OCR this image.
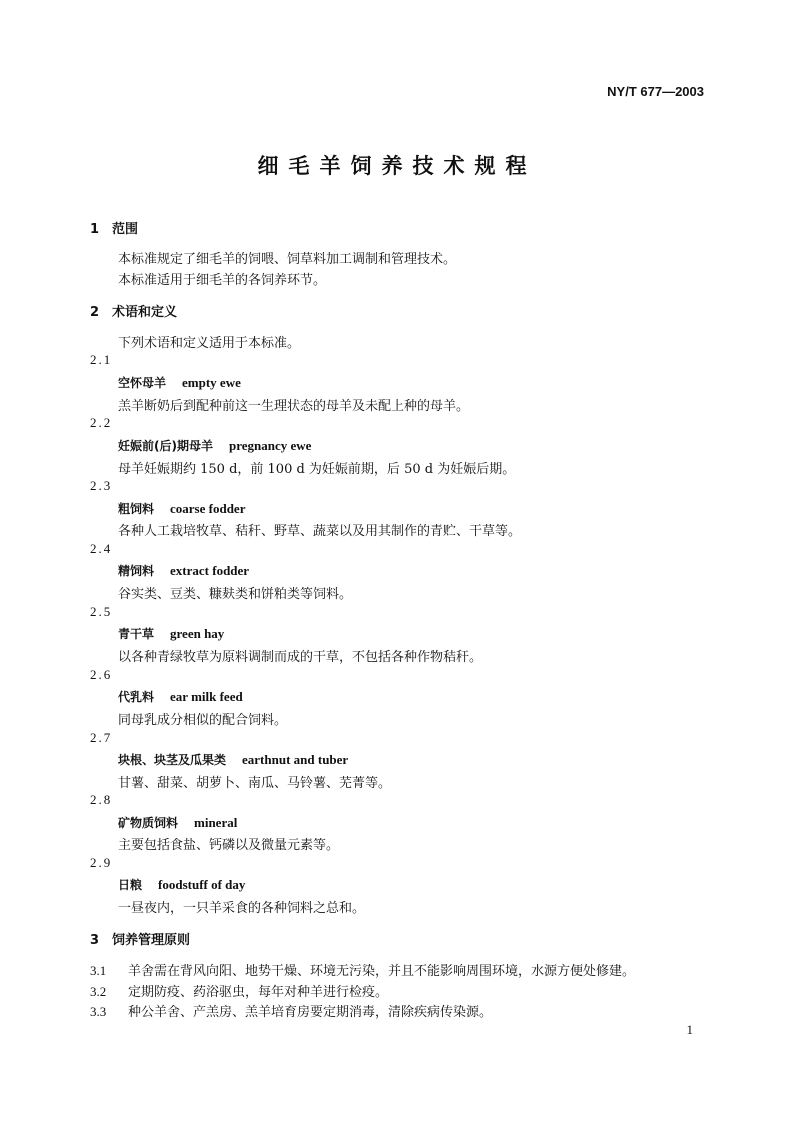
NY/T 677—2003
细毛羊饲养技术规程
1 范围
本标准规定了细毛羊的饲喂、饲草料加工调制和管理技术。
本标准适用于细毛羊的各饲养环节。
2 术语和定义
下列术语和定义适用于本标准。
2.1
空怀母羊 empty ewe
羔羊断奶后到配种前这一生理状态的母羊及未配上种的母羊。
2.2
妊娠前(后)期母羊 pregnancy ewe
母羊妊娠期约 150 d，前 100 d 为妊娠前期，后 50 d 为妊娠后期。
2.3
粗饲料 coarse fodder
各种人工栽培牧草、秸秆、野草、蔬菜以及用其制作的青贮、干草等。
2.4
精饲料 extract fodder
谷实类、豆类、糠麸类和饼粕类等饲料。
2.5
青干草 green hay
以各种青绿牧草为原料调制而成的干草，不包括各种作物秸秆。
2.6
代乳料 ear milk feed
同母乳成分相似的配合饲料。
2.7
块根、块茎及瓜果类 earthnut and tuber
甘薯、甜菜、胡萝卜、南瓜、马铃薯、芜菁等。
2.8
矿物质饲料 mineral
主要包括食盐、钙磷以及微量元素等。
2.9
日粮 foodstuff of day
一昼夜内，一只羊采食的各种饲料之总和。
3 饲养管理原则
3.1 羊舍需在背风向阳、地势干燥、环境无污染，并且不能影响周围环境，水源方便处修建。
3.2 定期防疫、药浴驱虫，每年对种羊进行检疫。
3.3 种公羊舍、产羔房、羔羊培育房要定期消毒，清除疾病传染源。
1
